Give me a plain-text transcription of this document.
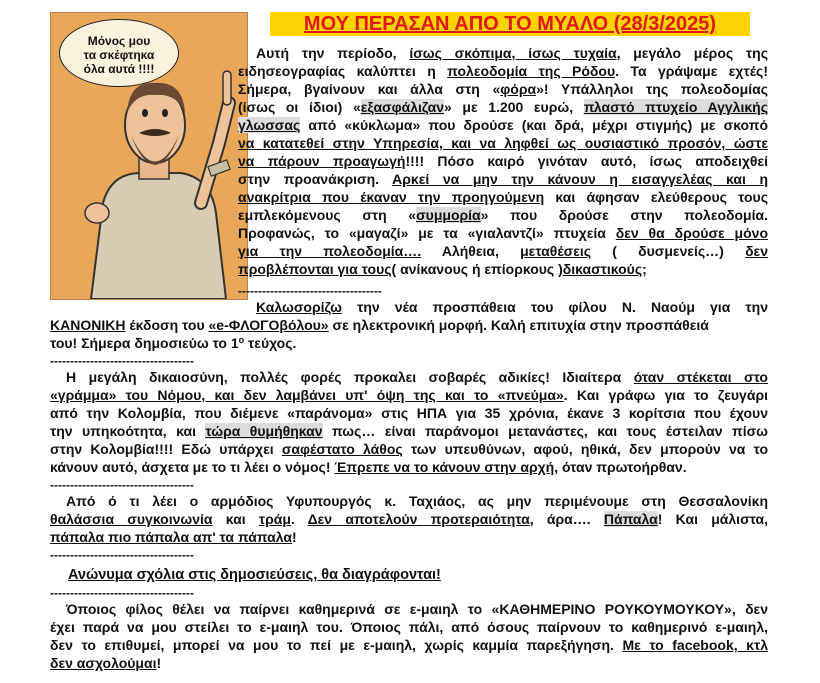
Μόνος μου
τα σκέφτηκα
όλα αυτά !!!!
ΜΟΥ ΠΕΡΑΣΑΝ ΑΠΟ ΤΟ ΜΥΑΛΟ (28/3/2025)
Αυτή την περίοδο, ίσως σκόπιμα, ίσως τυχαία, μεγάλο μέρος της
ειδησεογραφίας καλύπτει η πολεοδομία της Ρόδου. Τα γράψαμε εχτές!
Σήμερα, βγαίνουν και άλλα στη «φόρα»! Υπάλληλοι της πολεοδομίας
(ίσως οι ίδιοι) «εξασφάλιζαν» με 1.200 ευρώ, πλαστό πτυχείο Αγγλικής
γλωσσας από «κύκλωμα» που δρούσε (και δρά, μέχρι στιγμής) με σκοπό
να κατατεθεί στην Υπηρεσία, και να ληφθεί ως ουσιαστικό προσόν, ώστε
να πάρουν προαγωγή!!!! Πόσο καιρό γινόταν αυτό, ίσως αποδειχθεί
στην προανάκριση. Αρκεί να μην την κάνουν η εισαγγελέας και η
ανακρίτρια που έκαναν την προηγούμενη και άφησαν ελεύθερους τους
εμπλεκόμενους στη «συμμορία» που δρούσε στην πολεοδομία.
Προφανώς, το «μαγαζί» με τα «γιαλαντζί» πτυχεία δεν θα δρούσε μόνο
για την πολεοδομία…. Αλήθεια, μεταθέσεις ( δυσμενείς…) δεν
προβλέπονται για τους( ανίκανους ή επίορκους )δικαστικούς;
------------------------------------
Καλωσορίζω την νέα προσπάθεια του φίλου Ν. Ναούμ για την
ΚΑΝΟΝΙΚΗ έκδοση του «e-ΦΛΟΓΟβόλου» σε ηλεκτρονική μορφή. Καλή επιτυχία στην προσπάθειά
του! Σήμερα δημοσιεύω το $1^o$ τεύχος.
------------------------------------
Η μεγάλη δικαιοσύνη, πολλές φορές προκαλει σοβαρές αδικίες! Ιδιαίτερα όταν στέκεται στο
«γράμμα» του Νόμου, και δεν λαμβάνει υπ' όψη της και το «πνεύμα». Και γράφω για το ζευγάρι
από την Κολομβία, που διέμενε «παράνομα» στις ΗΠΑ για 35 χρόνια, έκανε 3 κορίτσια που έχουν
την υπηκοότητα, και τώρα θυμήθηκαν πως… είναι παράνομοι μετανάστες, και τους έστειλαν πίσω
στην Κολομβία!!!! Εδώ υπάρχει σαφέστατο λάθος των υπευθύνων, αφού, ηθικά, δεν μπορούν να το
κάνουν αυτό, άσχετα με το τι λέει ο νόμος! Έπρεπε να το κάνουν στην αρχή, όταν πρωτοήρθαν.
------------------------------------
Από ό τι λέει ο αρμόδιος Υφυπουργός κ. Ταχιάος, ας μην περιμένουμε στη Θεσσαλονίκη
θαλάσσια συγκοινωνία και τράμ. Δεν αποτελούν προτεραιότητα, άρα…. Πάπαλα! Και μάλιστα,
πάπαλα πιο πάπαλα απ' τα πάπαλα!
------------------------------------
Ανώνυμα σχόλια στις δημοσιεύσεις, θα διαγράφονται!
------------------------------------
Όποιος φίλος θέλει να παίρνει καθημερινά σε ε-μαιηλ το «ΚΑΘΗΜΕΡΙΝΟ ΡΟΥΚΟΥΜΟΥΚΟΥ», δεν
έχει παρά να μου στείλει το ε-μαιηλ του. Όποιος πάλι, από όσους παίρνουν το καθημερινό ε-μαιηλ,
δεν το επιθυμεί, μπορεί να μου το πεί με ε-μαιηλ, χωρίς καμμία παρεξήγηση. Με το facebook, κτλ
δεν ασχολούμαι!
